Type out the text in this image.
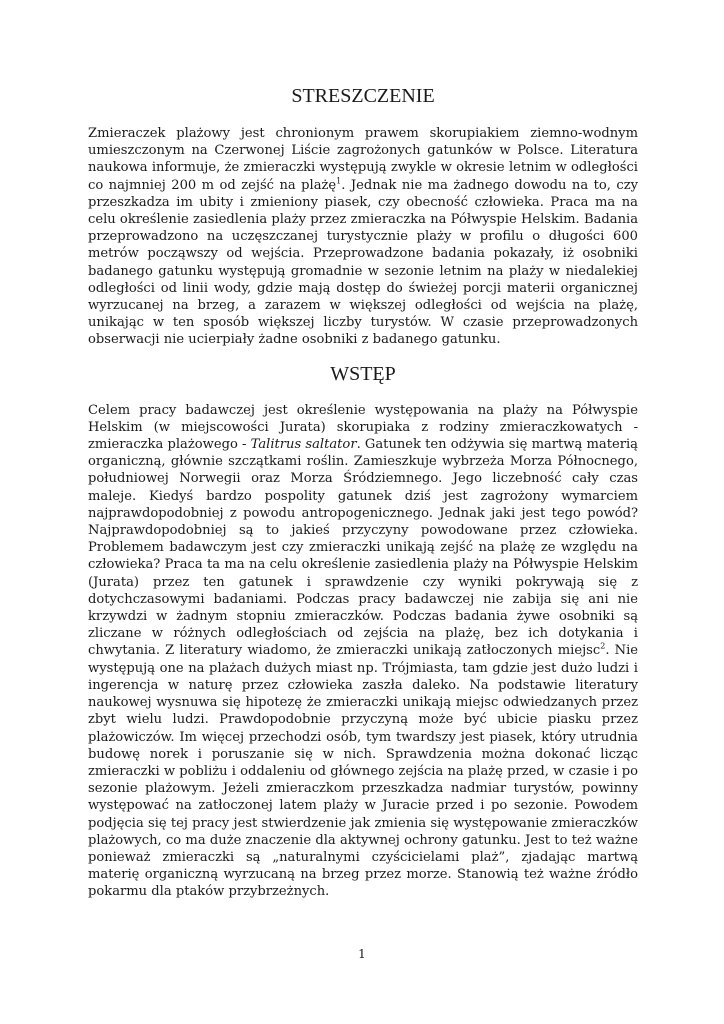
STRESZCZENIE

Zmieraczek plażowy jest chronionym prawem skorupiakiem ziemno-wodnym umieszczonym na Czerwonej Liście zagrożonych gatunków w Polsce. Literatura naukowa informuje, że zmieraczki występują zwykle w okresie letnim w odległości co najmniej 200 m od zejść na plażę$^1$. Jednak nie ma żadnego dowodu na to, czy przeszkadza im ubity i zmieniony piasek, czy obecność człowieka. Praca ma na celu określenie zasiedlenia plaży przez zmieraczka na Półwyspie Helskim. Badania przeprowadzono na uczęszczanej turystycznie plaży w profilu o długości 600 metrów począwszy od wejścia. Przeprowadzone badania pokazały, iż osobniki badanego gatunku występują gromadnie w sezonie letnim na plaży w niedalekiej odległości od linii wody, gdzie mają dostęp do świeżej porcji materii organicznej wyrzucanej na brzeg, a zarazem w większej odległości od wejścia na plażę, unikając w ten sposób większej liczby turystów. W czasie przeprowadzonych obserwacji nie ucierpiały żadne osobniki z badanego gatunku.

WSTĘP

Celem pracy badawczej jest określenie występowania na plaży na Półwyspie Helskim (w miejscowości Jurata) skorupiaka z rodziny zmieraczkowatych - zmieraczka plażowego - Talitrus saltator. Gatunek ten odżywia się martwą materią organiczną, głównie szczątkami roślin. Zamieszkuje wybrzeża Morza Północnego, południowej Norwegii oraz Morza Śródziemnego. Jego liczebność cały czas maleje. Kiedyś bardzo pospolity gatunek dziś jest zagrożony wymarciem najprawdopodobniej z powodu antropogenicznego. Jednak jaki jest tego powód? Najprawdopodobniej są to jakieś przyczyny powodowane przez człowieka. Problemem badawczym jest czy zmieraczki unikają zejść na plażę ze względu na człowieka? Praca ta ma na celu określenie zasiedlenia plaży na Półwyspie Helskim (Jurata) przez ten gatunek i sprawdzenie czy wyniki pokrywają się z dotychczasowymi badaniami. Podczas pracy badawczej nie zabija się ani nie krzywdzi w żadnym stopniu zmieraczków. Podczas badania żywe osobniki są zliczane w różnych odległościach od zejścia na plażę, bez ich dotykania i chwytania. Z literatury wiadomo, że zmieraczki unikają zatłoczonych miejsc$^2$. Nie występują one na plażach dużych miast np. Trójmiasta, tam gdzie jest dużo ludzi i ingerencja w naturę przez człowieka zaszła daleko. Na podstawie literatury naukowej wysnuwa się hipotezę że zmieraczki unikają miejsc odwiedzanych przez zbyt wielu ludzi. Prawdopodobnie przyczyną może być ubicie piasku przez plażowiczów. Im więcej przechodzi osób, tym twardszy jest piasek, który utrudnia budowę norek i poruszanie się w nich. Sprawdzenia można dokonać licząc zmieraczki w pobliżu i oddaleniu od głównego zejścia na plażę przed, w czasie i po sezonie plażowym. Jeżeli zmieraczkom przeszkadza nadmiar turystów, powinny występować na zatłoczonej latem plaży w Juracie przed i po sezonie. Powodem podjęcia się tej pracy jest stwierdzenie jak zmienia się występowanie zmieraczków plażowych, co ma duże znaczenie dla aktywnej ochrony gatunku. Jest to też ważne ponieważ zmieraczki są „naturalnymi czyścicielami plaż”, zjadając martwą materię organiczną wyrzucaną na brzeg przez morze. Stanowią też ważne źródło pokarmu dla ptaków przybrzeżnych.

1
